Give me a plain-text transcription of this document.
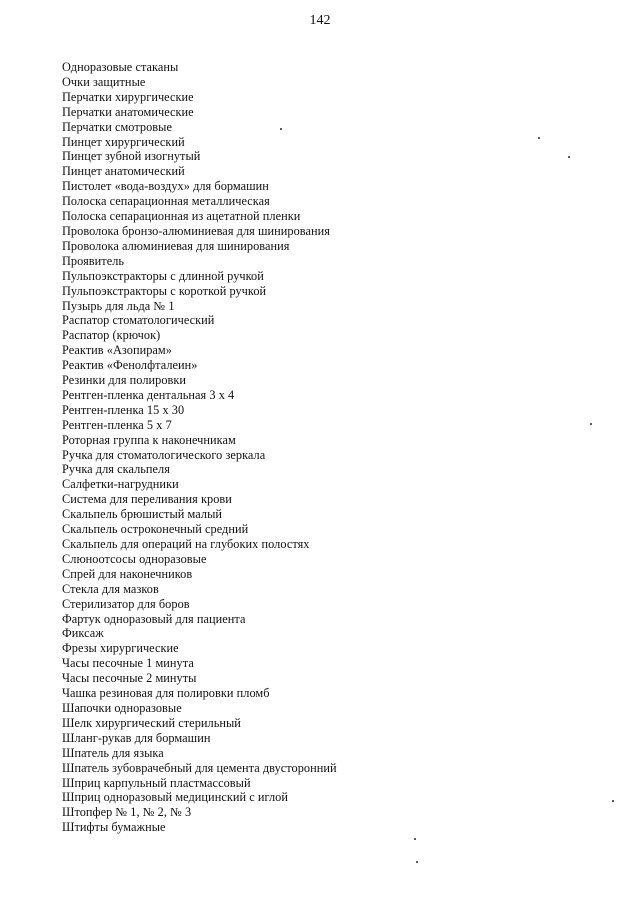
142
Одноразовые стаканы
Очки защитные
Перчатки хирургические
Перчатки анатомические
Перчатки смотровые
Пинцет хирургический
Пинцет зубной изогнутый
Пинцет анатомический
Пистолет «вода-воздух» для бормашин
Полоска сепарационная металлическая
Полоска сепарационная из ацетатной пленки
Проволока бронзо-алюминиевая для шинирования
Проволока алюминиевая для шинирования
Проявитель
Пульпоэкстракторы с длинной ручкой
Пульпоэкстракторы с короткой ручкой
Пузырь для льда № 1
Распатор стоматологический
Распатор (крючок)
Реактив «Азопирам»
Реактив «Фенолфталеин»
Резинки для полировки
Рентген-пленка дентальная 3 х 4
Рентген-пленка 15 х 30
Рентген-пленка 5 х 7
Роторная группа к наконечникам
Ручка для стоматологического зеркала
Ручка для скальпеля
Салфетки-нагрудники
Система для переливания крови
Скальпель брюшистый малый
Скальпель остроконечный средний
Скальпель для операций на глубоких полостях
Слюноотсосы одноразовые
Спрей для наконечников
Стекла для мазков
Стерилизатор для боров
Фартук одноразовый для пациента
Фиксаж
Фрезы хирургические
Часы песочные 1 минута
Часы песочные 2 минуты
Чашка резиновая для полировки пломб
Шапочки одноразовые
Шелк хирургический стерильный
Шланг-рукав для бормашин
Шпатель для языка
Шпатель зубоврачебный для цемента двусторонний
Шприц карпульный пластмассовый
Шприц одноразовый медицинский с иглой
Штопфер № 1, № 2, № 3
Штифты бумажные
